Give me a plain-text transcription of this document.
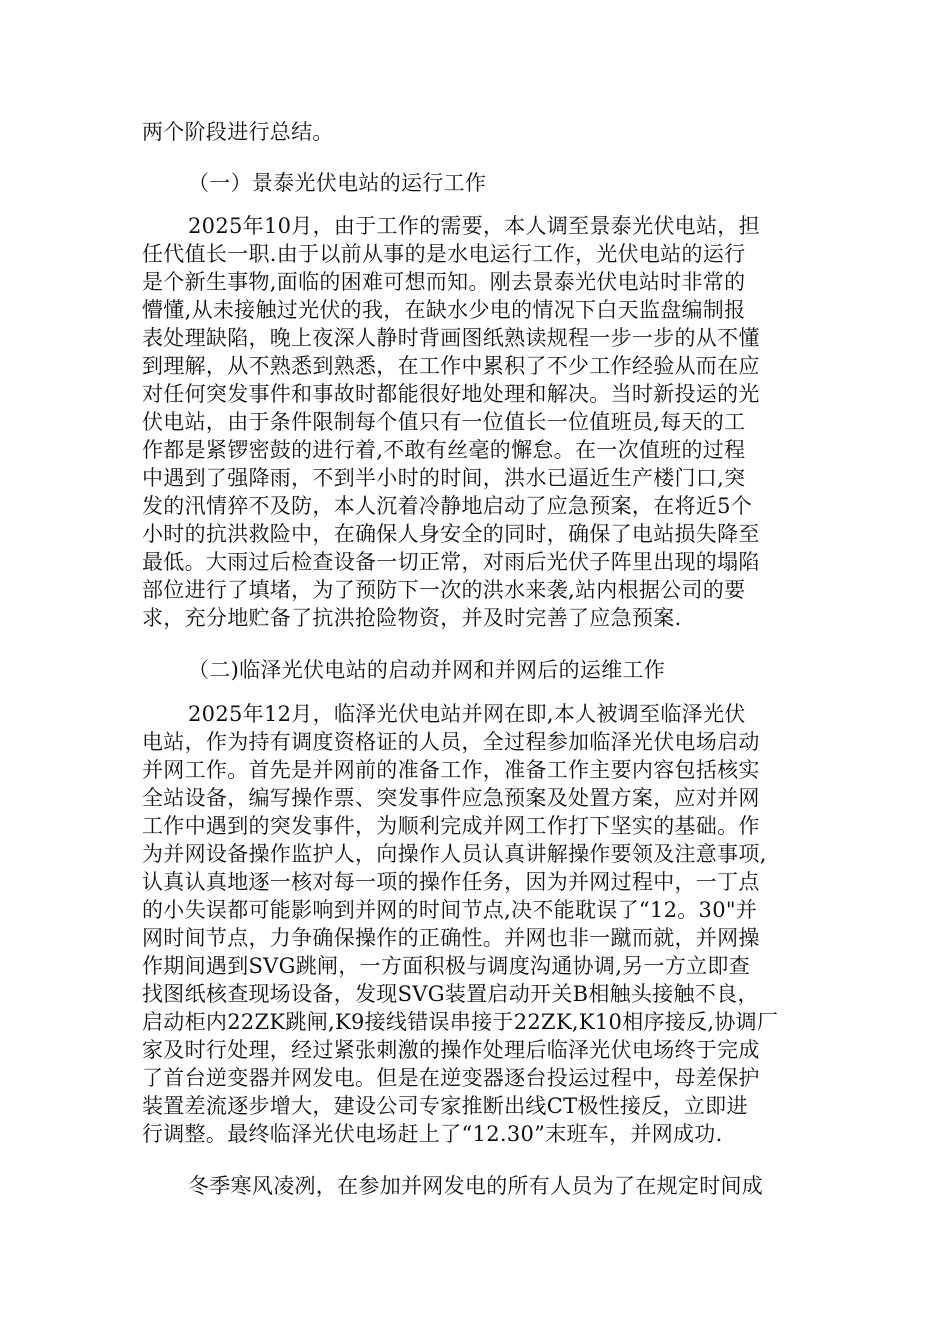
两个阶段进行总结。
（一）景泰光伏电站的运行工作
2025年10月，由于工作的需要，本人调至景泰光伏电站，担
任代值长一职.由于以前从事的是水电运行工作，光伏电站的运行
是个新生事物,面临的困难可想而知。刚去景泰光伏电站时非常的
懵懂,从未接触过光伏的我，在缺水少电的情况下白天监盘编制报
表处理缺陷，晚上夜深人静时背画图纸熟读规程一步一步的从不懂
到理解，从不熟悉到熟悉，在工作中累积了不少工作经验从而在应
对任何突发事件和事故时都能很好地处理和解决。当时新投运的光
伏电站，由于条件限制每个值只有一位值长一位值班员,每天的工
作都是紧锣密鼓的进行着,不敢有丝毫的懈怠。在一次值班的过程
中遇到了强降雨，不到半小时的时间，洪水已逼近生产楼门口,突
发的汛情猝不及防，本人沉着冷静地启动了应急预案，在将近5个
小时的抗洪救险中，在确保人身安全的同时，确保了电站损失降至
最低。大雨过后检查设备一切正常，对雨后光伏子阵里出现的塌陷
部位进行了填堵，为了预防下一次的洪水来袭,站内根据公司的要
求，充分地贮备了抗洪抢险物资，并及时完善了应急预案.
（二)临泽光伏电站的启动并网和并网后的运维工作
2025年12月，临泽光伏电站并网在即,本人被调至临泽光伏
电站，作为持有调度资格证的人员，全过程参加临泽光伏电场启动
并网工作。首先是并网前的准备工作，准备工作主要内容包括核实
全站设备，编写操作票、突发事件应急预案及处置方案，应对并网
工作中遇到的突发事件，为顺利完成并网工作打下坚实的基础。作
为并网设备操作监护人，向操作人员认真讲解操作要领及注意事项,
认真认真地逐一核对每一项的操作任务，因为并网过程中，一丁点
的小失误都可能影响到并网的时间节点,决不能耽误了“12。30"并
网时间节点，力争确保操作的正确性。并网也非一蹴而就，并网操
作期间遇到SVG跳闸，一方面积极与调度沟通协调,另一方立即查
找图纸核查现场设备，发现SVG装置启动开关B相触头接触不良，
启动柜内22ZK跳闸,K9接线错误串接于22ZK,K10相序接反,协调厂
家及时行处理，经过紧张刺激的操作处理后临泽光伏电场终于完成
了首台逆变器并网发电。但是在逆变器逐台投运过程中，母差保护
装置差流逐步增大，建设公司专家推断出线CT极性接反，立即进
行调整。最终临泽光伏电场赶上了“12.30”末班车，并网成功.
冬季寒风凌冽，在参加并网发电的所有人员为了在规定时间成
